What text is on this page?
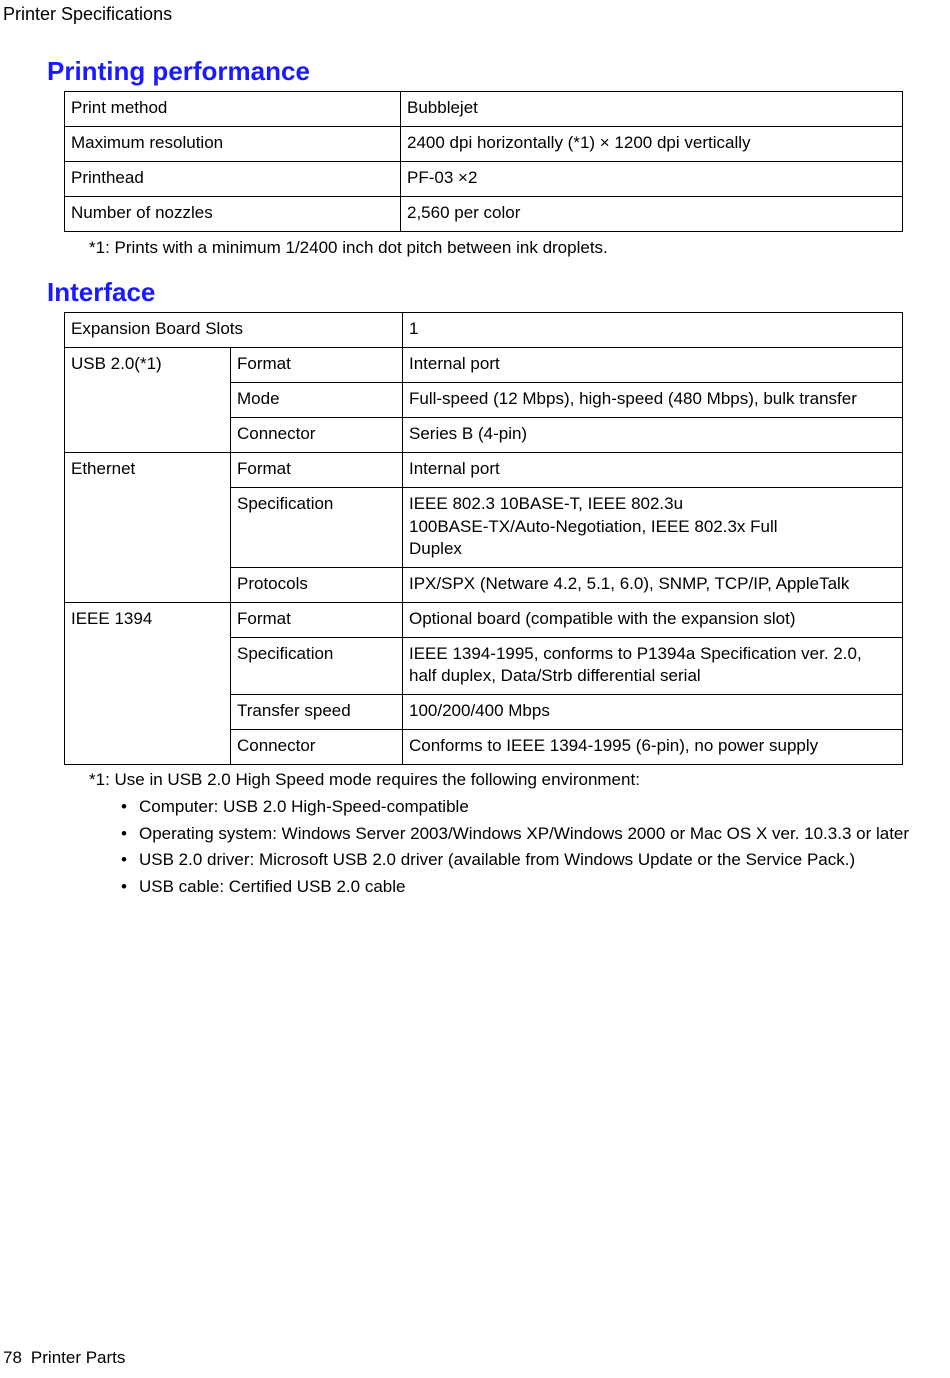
Printer Specifications
Printing performance
Print method	Bubblejet
Maximum resolution	2400 dpi horizontally (*1) × 1200 dpi vertically
Printhead	PF-03 ×2
Number of nozzles	2,560 per color
*1: Prints with a minimum 1/2400 inch dot pitch between ink droplets.
Interface
Expansion Board Slots		1
USB 2.0(*1)	Format	Internal port
	Mode	Full-speed (12 Mbps), high-speed (480 Mbps), bulk transfer
	Connector	Series B (4-pin)
Ethernet	Format	Internal port
	Specification	IEEE 802.3 10BASE-T, IEEE 802.3u
100BASE-TX/Auto-Negotiation, IEEE 802.3x Full
Duplex

	Protocols	IPX/SPX (Netware 4.2, 5.1, 6.0), SNMP, TCP/IP, AppleTalk
IEEE 1394	Format	Optional board (compatible with the expansion slot)
	Specification	IEEE 1394-1995, conforms to P1394a Specification ver. 2.0,
half duplex, Data/Strb differential serial

	Transfer speed	100/200/400 Mbps
	Connector	Conforms to IEEE 1394-1995 (6-pin), no power supply
*1: Use in USB 2.0 High Speed mode requires the following environment:
• Computer: USB 2.0 High-Speed-compatible
• Operating system: Windows Server 2003/Windows XP/Windows 2000 or Mac OS X ver. 10.3.3 or later
• USB 2.0 driver: Microsoft USB 2.0 driver (available from Windows Update or the Service Pack.)
• USB cable: Certified USB 2.0 cable
78 Printer Parts
